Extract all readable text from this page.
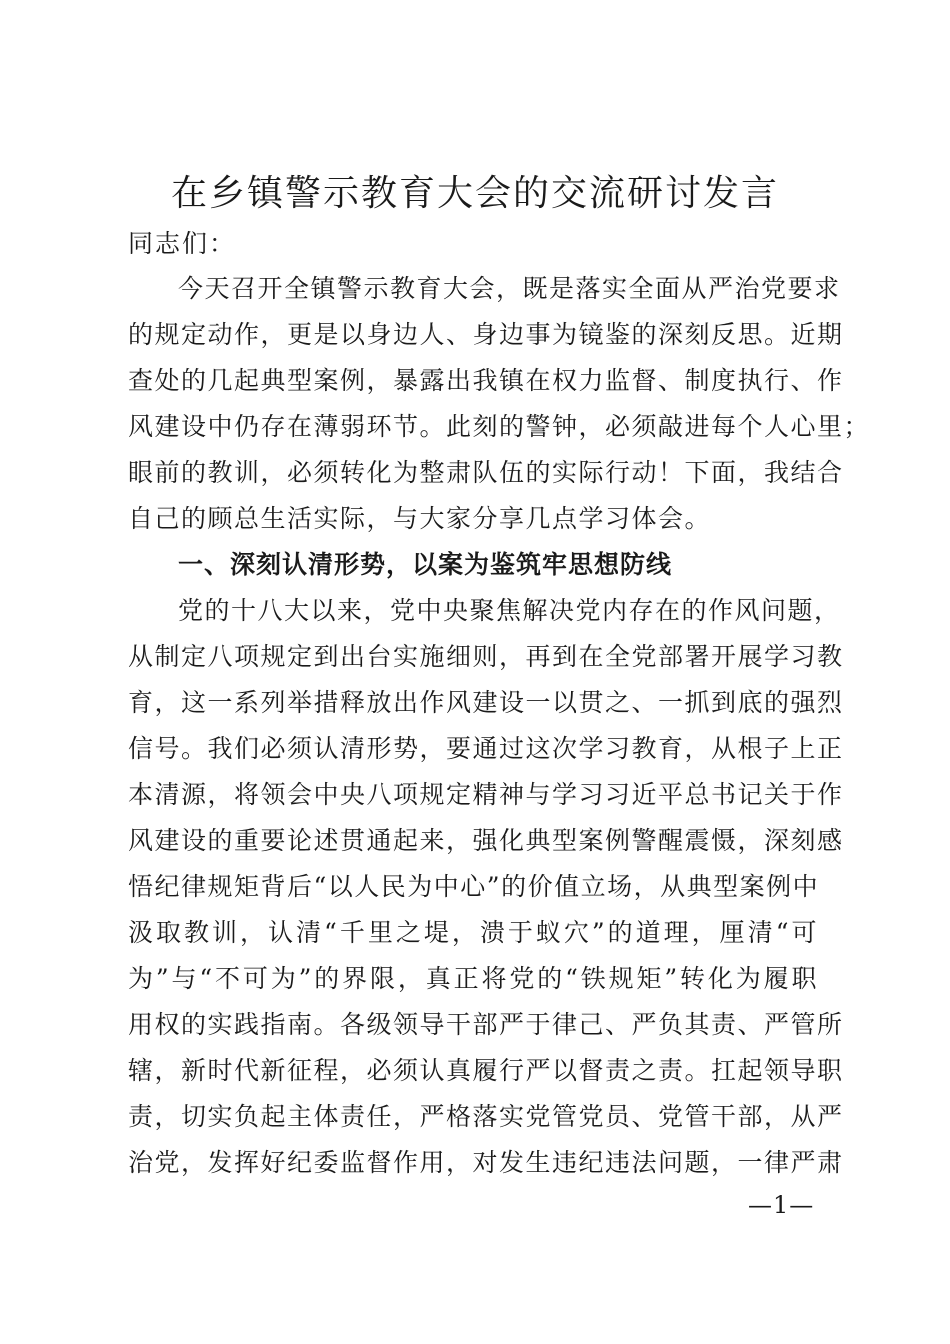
在乡镇警示教育大会的交流研讨发言
同志们：
今天召开全镇警示教育大会，既是落实全面从严治党要求
的规定动作，更是以身边人、身边事为镜鉴的深刻反思。近期
查处的几起典型案例，暴露出我镇在权力监督、制度执行、作
风建设中仍存在薄弱环节。此刻的警钟，必须敲进每个人心里；
眼前的教训，必须转化为整肃队伍的实际行动！下面，我结合
自己的顾总生活实际，与大家分享几点学习体会。
一、深刻认清形势，以案为鉴筑牢思想防线
党的十八大以来，党中央聚焦解决党内存在的作风问题，
从制定八项规定到出台实施细则，再到在全党部署开展学习教
育，这一系列举措释放出作风建设一以贯之、一抓到底的强烈
信号。我们必须认清形势，要通过这次学习教育，从根子上正
本清源，将领会中央八项规定精神与学习习近平总书记关于作
风建设的重要论述贯通起来，强化典型案例警醒震慑，深刻感
悟纪律规矩背后“以人民为中心”的价值立场，从典型案例中
汲取教训，认清“千里之堤，溃于蚁穴”的道理，厘清“可
为”与“不可为”的界限，真正将党的“铁规矩”转化为履职
用权的实践指南。各级领导干部严于律己、严负其责、严管所
辖，新时代新征程，必须认真履行严以督责之责。扛起领导职
责，切实负起主体责任，严格落实党管党员、党管干部，从严
治党，发挥好纪委监督作用，对发生违纪违法问题，一律严肃
—1—
